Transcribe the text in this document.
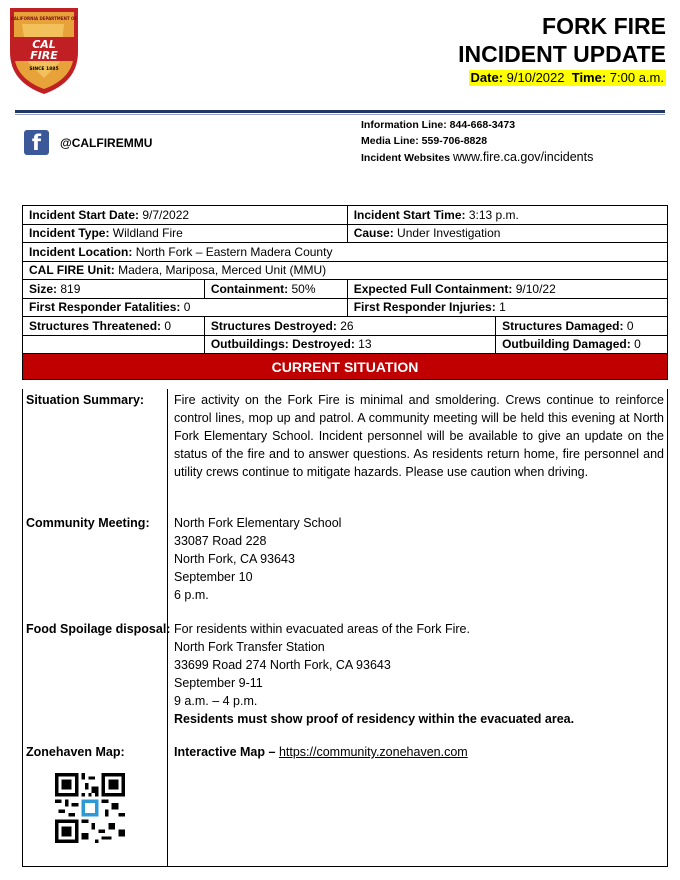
CALIFORNIA DEPARTMENT OF
CAL
FIRE
SINCE 1885
FORK FIRE
INCIDENT UPDATE
Date: 9/10/2022 Time: 7:00 a.m.
f	@CALFIREMMU
Information Line: 844-668-3473
Media Line: 559-706-8828
Incident Websites www.fire.ca.gov/incidents
Incident Start Date: 9/7/2022		Incident Start Time: 3:13 p.m.	
Incident Type: Wildland Fire		Cause: Under Investigation	
Incident Location: North Fork – Eastern Madera County			
CAL FIRE Unit: Madera, Mariposa, Merced Unit (MMU)			
Size: 819	Containment: 50%	Expected Full Containment: 9/10/22	
First Responder Fatalities: 0		First Responder Injuries: 1	
Structures Threatened: 0	Structures Destroyed: 26		Structures Damaged: 0
	Outbuildings: Destroyed: 13		Outbuilding Damaged: 0
CURRENT SITUATION			
Situation Summary: Fire activity on the Fork Fire is minimal and smoldering. Crews continue to reinforce control lines, mop up and patrol. A community meeting will be held this evening at North Fork Elementary School. Incident personnel will be available to give an update on the status of the fire and to answer questions. As residents return home, fire personnel and utility crews continue to mitigate hazards. Please use caution when driving.
Community Meeting: North Fork Elementary School
33087 Road 228
North Fork, CA 93643
September 10
6 p.m.
Food Spoilage disposal: For residents within evacuated areas of the Fork Fire.
North Fork Transfer Station
33699 Road 274 North Fork, CA 93643
September 9-11
9 a.m. – 4 p.m.
Residents must show proof of residency within the evacuated area.
Zonehaven Map:	Interactive Map – https://community.zonehaven.com
